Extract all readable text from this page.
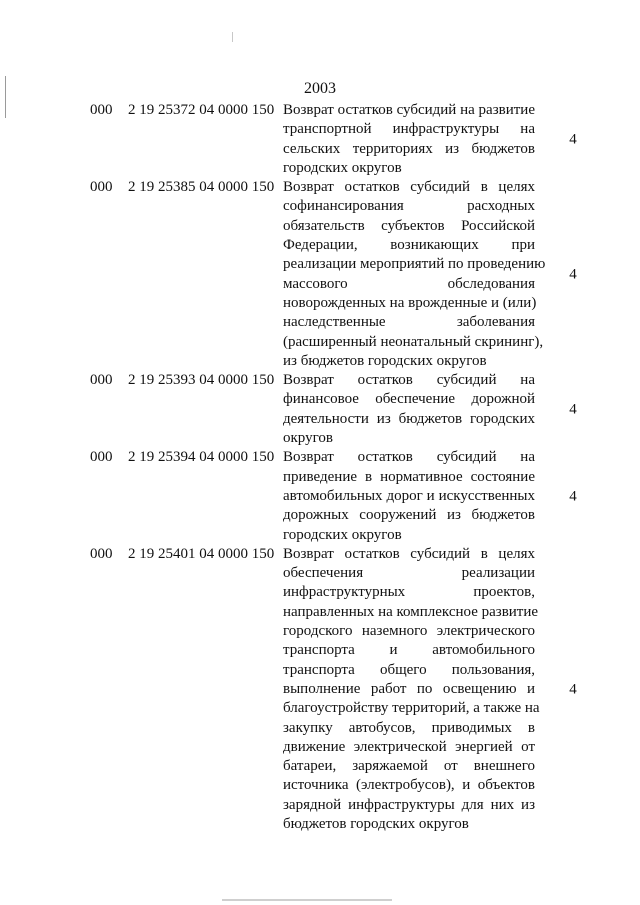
2003
000 2 19 25372 04 0000 150 Возврат остатков субсидий на развитие
транспортной инфраструктуры на
сельских территориях из бюджетов
городских округов
4
000 2 19 25385 04 0000 150 Возврат остатков субсидий в целях
софинансирования расходных
обязательств субъектов Российской
Федерации, возникающих при
реализации мероприятий по проведению
массового обследования
новорожденных на врожденные и (или)
наследственные заболевания
(расширенный неонатальный скрининг),
из бюджетов городских округов
4
000 2 19 25393 04 0000 150 Возврат остатков субсидий на
финансовое обеспечение дорожной
деятельности из бюджетов городских
округов
4
000 2 19 25394 04 0000 150 Возврат остатков субсидий на
приведение в нормативное состояние
автомобильных дорог и искусственных
дорожных сооружений из бюджетов
городских округов
4
000 2 19 25401 04 0000 150 Возврат остатков субсидий в целях
обеспечения реализации
инфраструктурных проектов,
направленных на комплексное развитие
городского наземного электрического
транспорта и автомобильного
транспорта общего пользования,
выполнение работ по освещению и
благоустройству территорий, а также на
закупку автобусов, приводимых в
движение электрической энергией от
батареи, заряжаемой от внешнего
источника (электробусов), и объектов
зарядной инфраструктуры для них из
бюджетов городских округов
4
